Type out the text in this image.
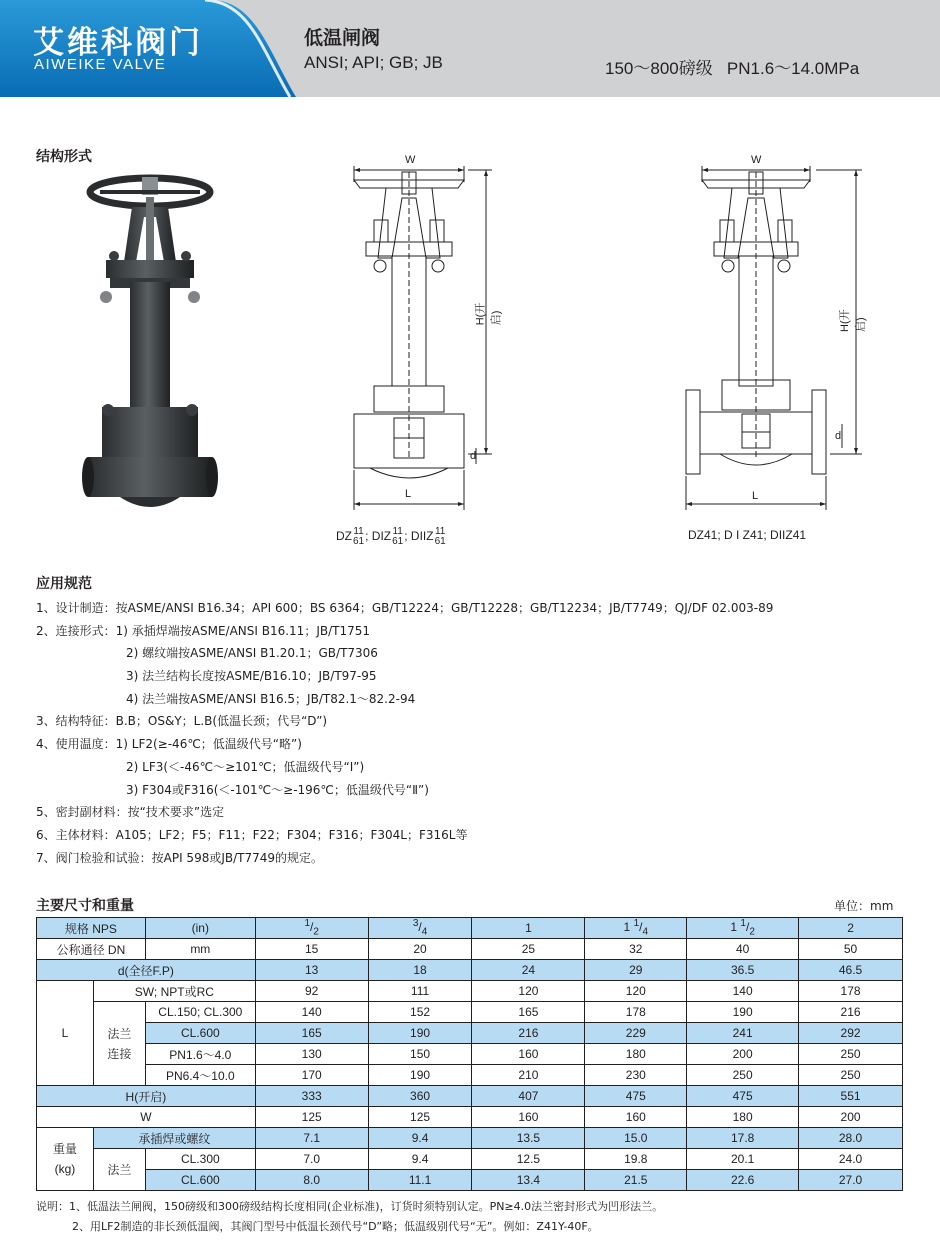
艾维科阀门
AIWEIKE VALVE
低温闸阀
ANSI; API; GB; JB	150～800磅级   PN1.6～14.0MPa
结构形式	W
H(开启)
d
L
DZ 11
61 ; DIZ 11
61 ; DIIZ 11
61
W
H(开启)
d
L
DZ41; D I Z41; DIIZ41
应用规范
1、设计制造：按ASME/ANSI B16.34；API 600；BS 6364；GB/T12224；GB/T12228；GB/T12234；JB/T7749；QJ/DF 02.003-89
2、连接形式：1) 承插焊端按ASME/ANSI B16.11；JB/T1751
2) 螺纹端按ASME/ANSI B1.20.1；GB/T7306
3) 法兰结构长度按ASME/B16.10；JB/T97-95
4) 法兰端按ASME/ANSI B16.5；JB/T82.1～82.2-94
3、结构特征：B.B；OS&Y；L.B(低温长颈；代号“D”)
4、使用温度：1) LF2(≥-46℃；低温级代号“略”)
2) LF3(＜-46℃～≥101℃；低温级代号“I”)
3) F304或F316(＜-101℃～≥-196℃；低温级代号“Ⅱ”)
5、密封副材料：按“技术要求”选定
6、主体材料：A105；LF2；F5；F11；F22；F304；F316；F304L；F316L等
7、阀门检验和试验：按API 598或JB/T7749的规定。
主要尺寸和重量	单位：mm
规格 NPS		(in)	$^1/_2$	$^3/_4$	1	1 $^1/_4$	1 $^1/_2$	2
公称通径 DN		mm	15	20	25	32	40	50
d(全径F.P)			13	18	24	29	36.5	46.5
L	SW; NPT或RC		92	111	120	120	140	178
	法兰
连接	CL.150; CL.300	140	152	165	178	190	216
		CL.600	165	190	216	229	241	292
		PN1.6～4.0	130	150	160	180	200	250
		PN6.4～10.0	170	190	210	230	250	250
H(开启)			333	360	407	475	475	551
W			125	125	160	160	180	200
重量
(kg)	承插焊或螺纹		7.1	9.4	13.5	15.0	17.8	28.0
	法兰	CL.300	7.0	9.4	12.5	19.8	20.1	24.0
		CL.600	8.0	11.1	13.4	21.5	22.6	27.0
说明：1、低温法兰闸阀，150磅级和300磅级结构长度相同(企业标准)，订货时须特别认定。PN≥4.0法兰密封形式为凹形法兰。
2、用LF2制造的非长颈低温阀，其阀门型号中低温长颈代号“D”略；低温级别代号“无”。例如：Z41Y-40F。
